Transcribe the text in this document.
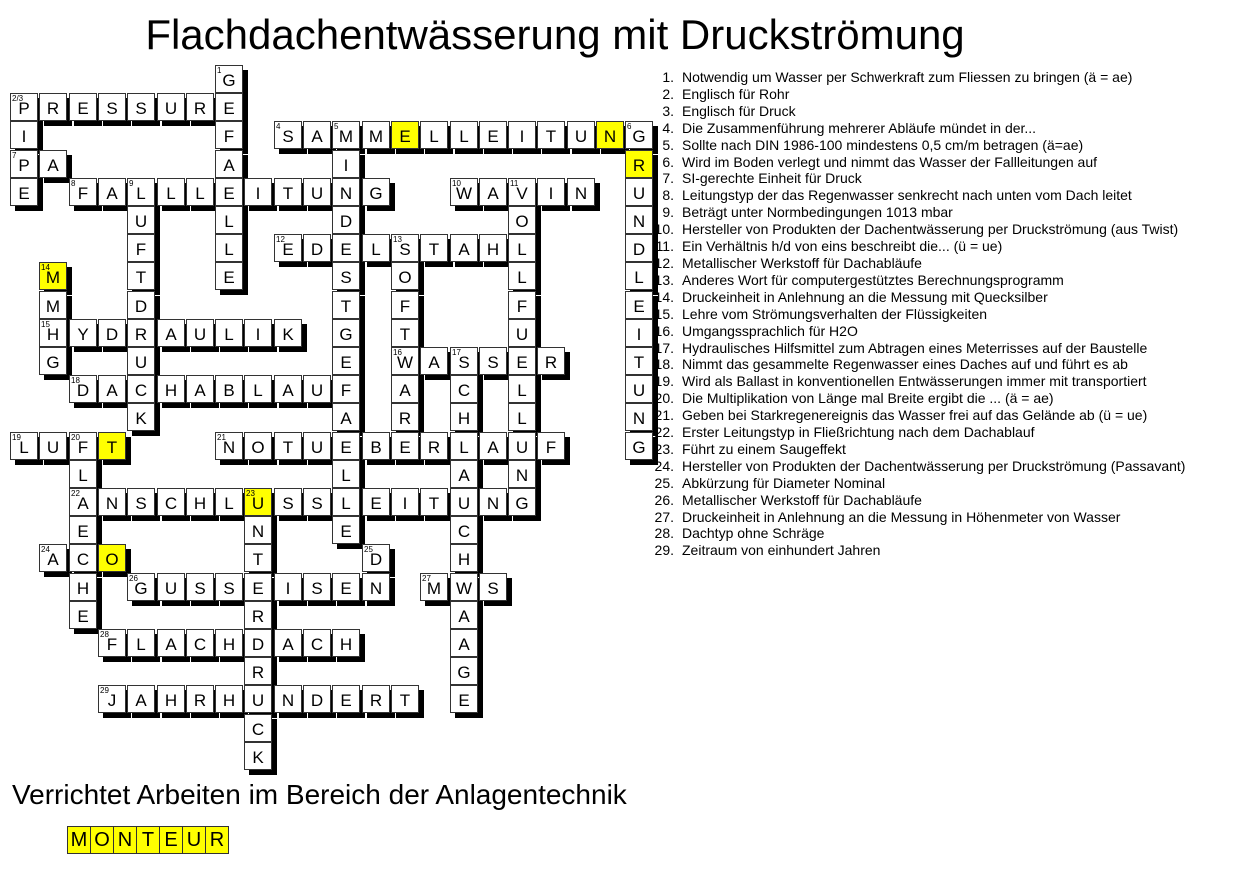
Flachdachentwässerung mit Druckströmung
1
G
2/3
P	R	E	S	S	U R	E
I	F
4
S	A
5
M M E	L	L	E	I	T	U N
6
G
7
P	A	A	I	R
E
8
F	A
9
L	L	L	E	I	T	U N	G
10
W A
11
V	I	N	U
U	L	D	O	N
F	L
12
E	D	E	L
13
S	T	A	H	L	D
14
M	T	E	S	O	L	L
M	D	T	F	F	E
15
H	Y	D R	A	U	L	I	K	G	T	U	I
G	U	E
16
W A
17
S	S	E	R	T
18
D	A	C	H	A	B	L	A	U	F	A	C	L	U
K	A	R	H	L	N
19
L	U
20
F	T
21
N O	T	U	E	B	E	R	L	A	U	F	G
L	L	A	N
22
A	N	S	C H	L
23
U	S	S	L	E	I	T	U N G
E	N	E	C
24
A	C O	T
25
D	H
H
26
G	U	S	S	E	I	S	E	N
27
M W S
E	R	A
28
F	L	A	C H D	A	C H	A
R	G
29
J	A	H R H U	N D	E	R	T	E
C
K
1. Notwendig um Wasser per Schwerkraft zum Fliessen zu bringen (ä = ae)
2. Englisch für Rohr
3. Englisch für Druck
4. Die Zusammenführung mehrerer Abläufe mündet in der...
5. Sollte nach DIN 1986-100 mindestens 0,5 cm/m betragen (ä=ae)
6. Wird im Boden verlegt und nimmt das Wasser der Fallleitungen auf
7. SI-gerechte Einheit für Druck
8. Leitungstyp der das Regenwasser senkrecht nach unten vom Dach leitet
9. Beträgt unter Normbedingungen 1013 mbar
10. Hersteller von Produkten der Dachentwässerung per Druckströmung (aus Twist)
11. Ein Verhältnis h/d von eins beschreibt die... (ü = ue)
12. Metallischer Werkstoff für Dachabläufe
13. Anderes Wort für computergestütztes Berechnungsprogramm
14. Druckeinheit in Anlehnung an die Messung mit Quecksilber
15. Lehre vom Strömungsverhalten der Flüssigkeiten
16. Umgangssprachlich für H2O
17. Hydraulisches Hilfsmittel zum Abtragen eines Meterrisses auf der Baustelle
18. Nimmt das gesammelte Regenwasser eines Daches auf und führt es ab
19. Wird als Ballast in konventionellen Entwässerungen immer mit transportiert
20. Die Multiplikation von Länge mal Breite ergibt die ... (ä = ae)
21. Geben bei Starkregenereignis das Wasser frei auf das Gelände ab (ü = ue)
22. Erster Leitungstyp in Fließrichtung nach dem Dachablauf
23. Führt zu einem Saugeffekt
24. Hersteller von Produkten der Dachentwässerung per Druckströmung (Passavant)
25. Abkürzung für Diameter Nominal
26. Metallischer Werkstoff für Dachabläufe
27. Druckeinheit in Anlehnung an die Messung in Höhenmeter von Wasser
28. Dachtyp ohne Schräge
29. Zeitraum von einhundert Jahren
Verrichtet Arbeiten im Bereich der Anlagentechnik
M O N T E U R
